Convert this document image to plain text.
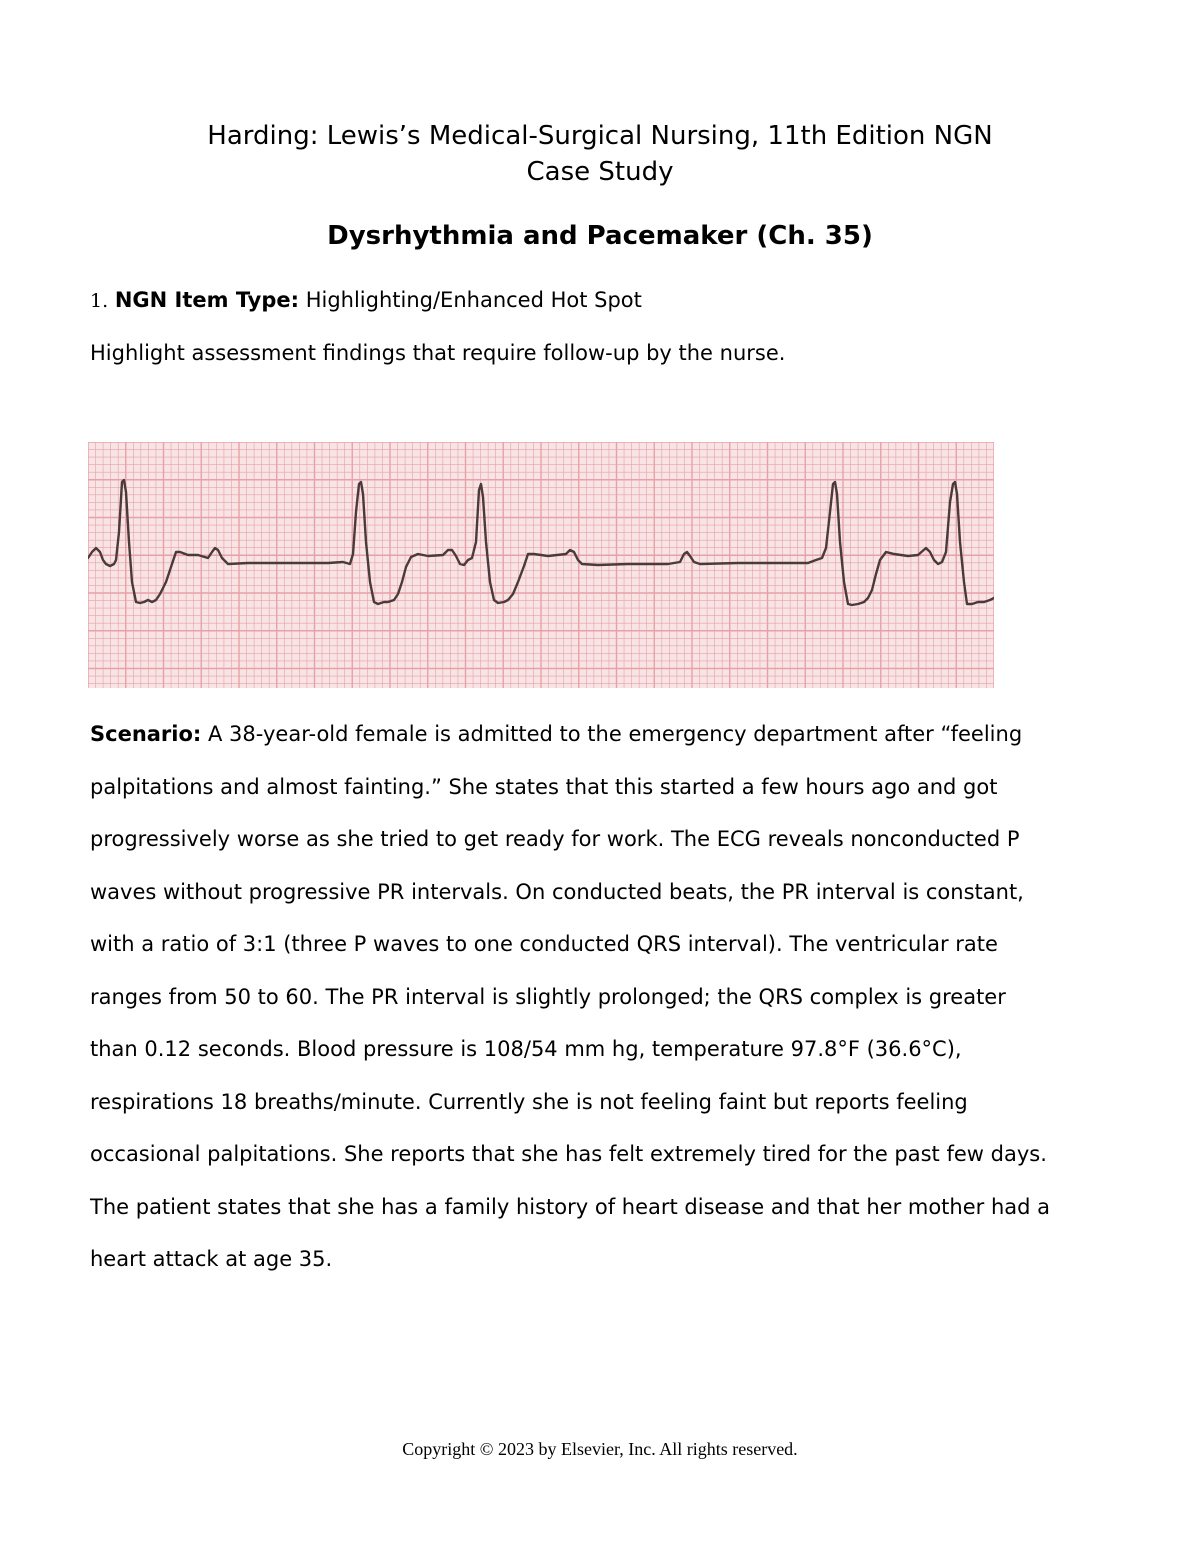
Harding: Lewis’s Medical-Surgical Nursing, 11th Edition NGN
Case Study
Dysrhythmia and Pacemaker (Ch. 35)

1. NGN Item Type: Highlighting/Enhanced Hot Spot

Highlight assessment findings that require follow-up by the nurse.

Scenario: A 38-year-old female is admitted to the emergency department after “feeling palpitations and almost fainting.” She states that this started a few hours ago and got progressively worse as she tried to get ready for work. The ECG reveals nonconducted P waves without progressive PR intervals. On conducted beats, the PR interval is constant, with a ratio of 3:1 (three P waves to one conducted QRS interval). The ventricular rate ranges from 50 to 60. The PR interval is slightly prolonged; the QRS complex is greater than 0.12 seconds. Blood pressure is 108/54 mm hg, temperature 97.8°F (36.6°C), respirations 18 breaths/minute. Currently she is not feeling faint but reports feeling occasional palpitations. She reports that she has felt extremely tired for the past few days. The patient states that she has a family history of heart disease and that her mother had a heart attack at age 35.

Copyright © 2023 by Elsevier, Inc. All rights reserved.
